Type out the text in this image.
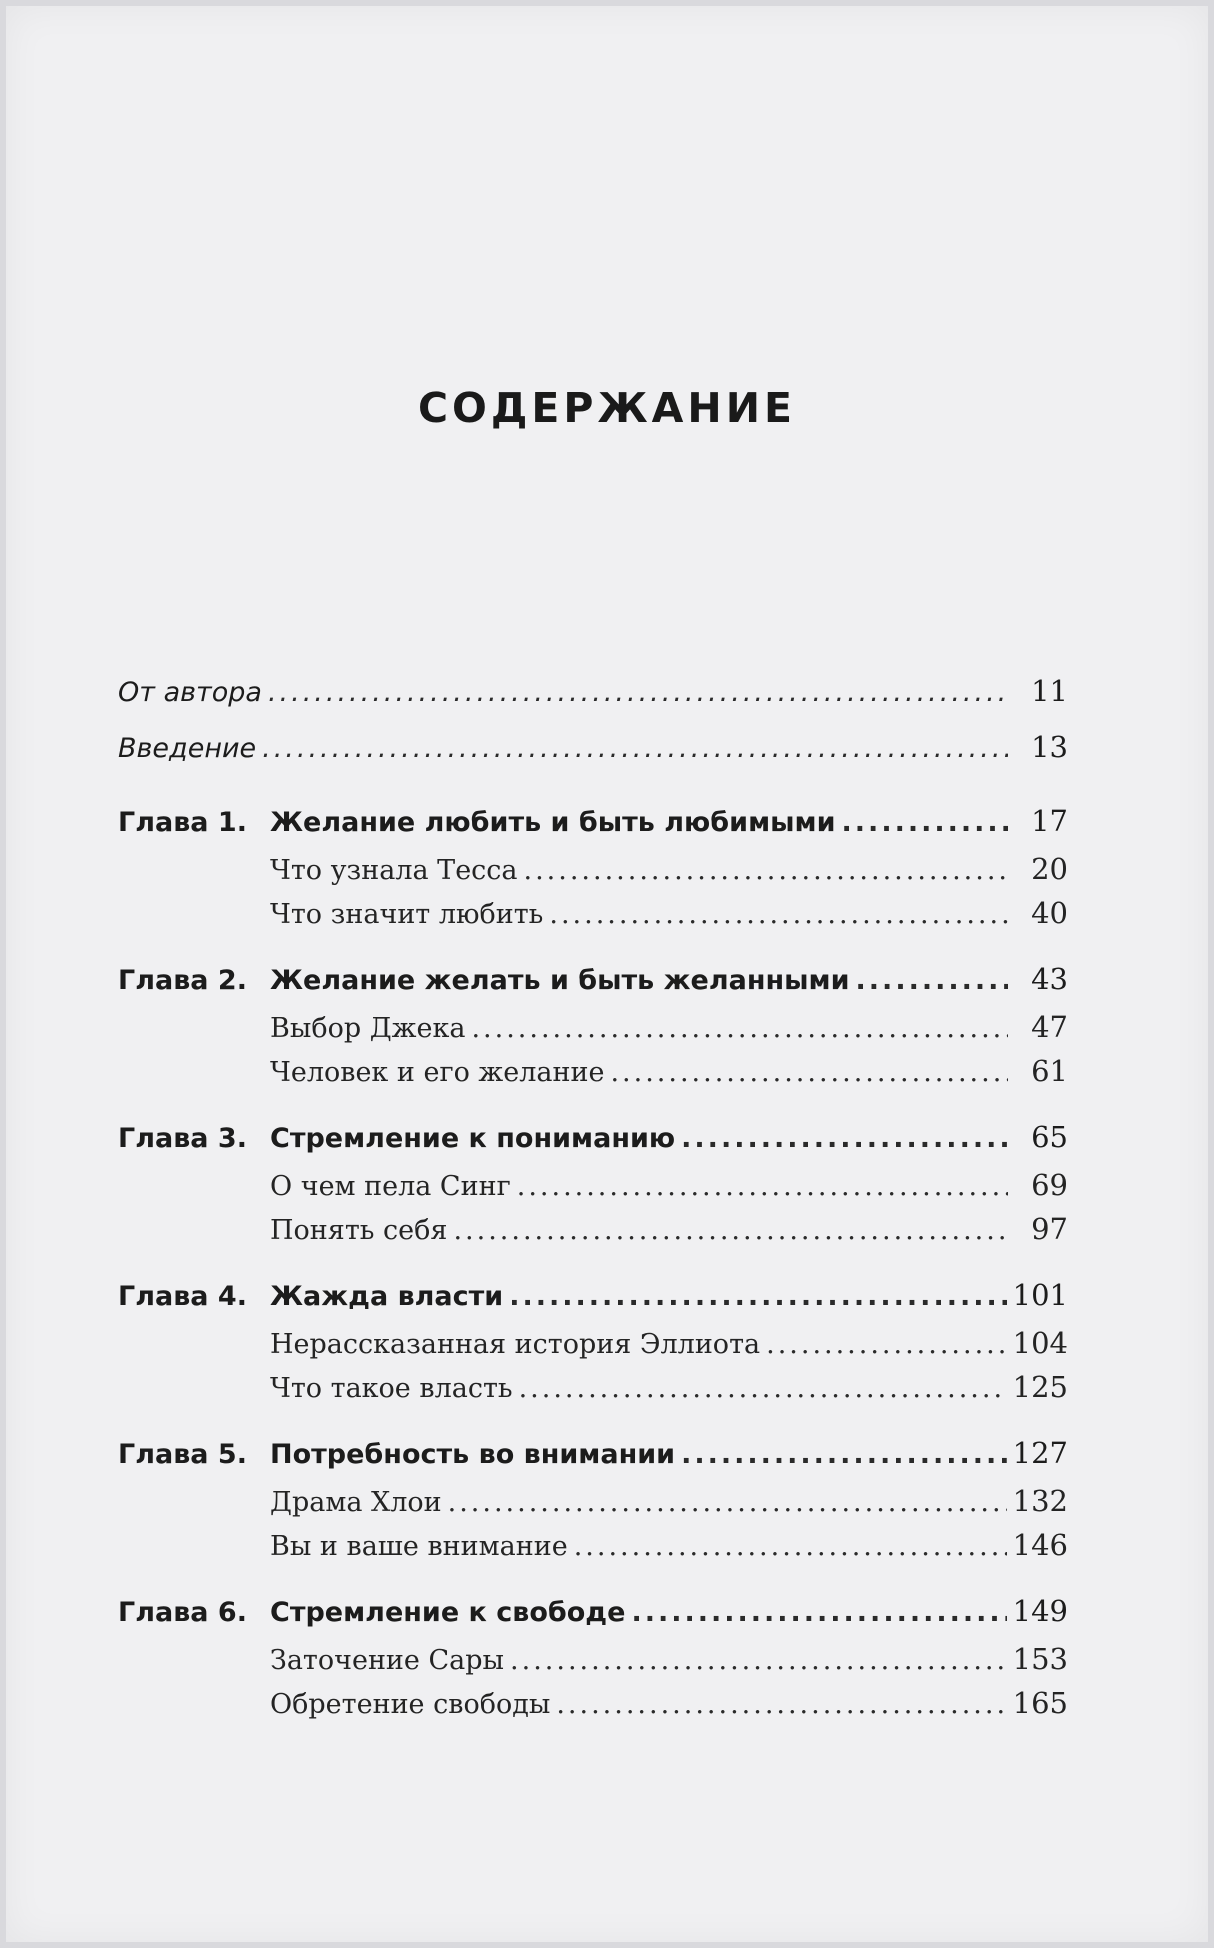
СОДЕРЖАНИЕ
От автора .....	11
Введение .....	13
Глава 1. Желание любить и быть любимыми .....	17
Что узнала Тесса .....	20
Что значит любить .....	40
Глава 2. Желание желать и быть желанными .....	43
Выбор Джека .....	47
Человек и его желание .....	61
Глава 3. Стремление к пониманию .....	65
О чем пела Синг .....	69
Понять себя .....	97
Глава 4. Жажда власти .....	101
Нерассказанная история Эллиота .....	104
Что такое власть .....	125
Глава 5. Потребность во внимании .....	127
Драма Хлои .....	132
Вы и ваше внимание .....	146
Глава 6. Стремление к свободе .....	149
Заточение Сары .....	153
Обретение свободы .....	165
